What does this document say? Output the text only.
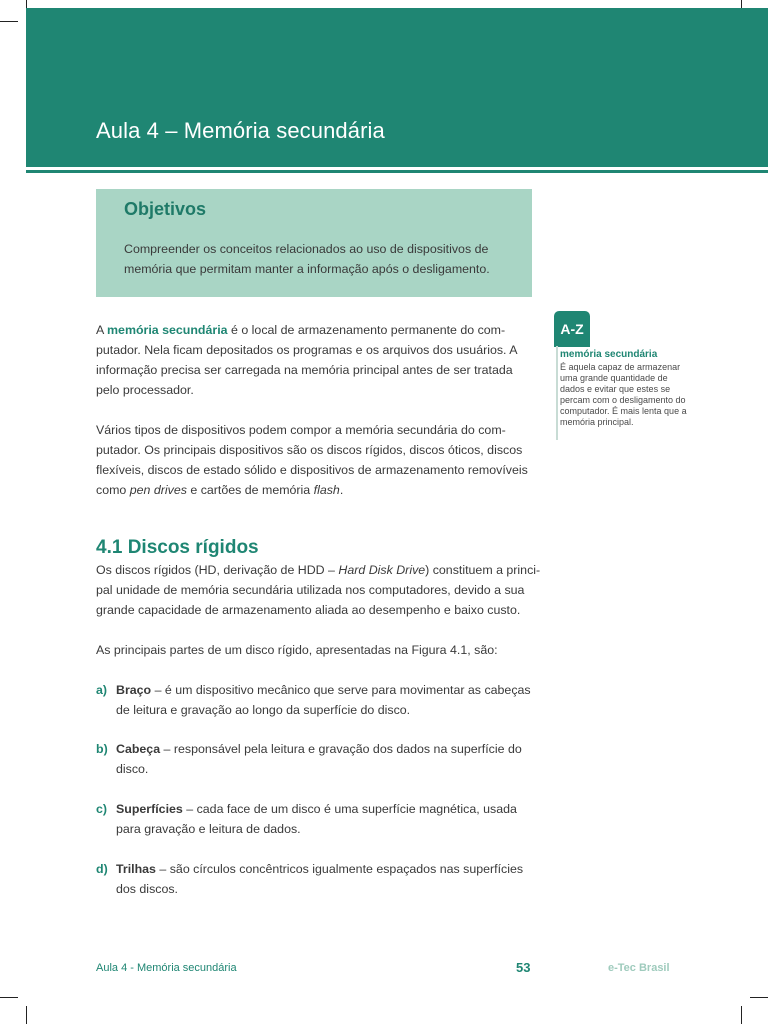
Aula 4 – Memória secundária
Objetivos
Compreender os conceitos relacionados ao uso de dispositivos de
memória que permitam manter a informação após o desligamento.
A memória secundária é o local de armazenamento permanente do com-
putador. Nela ficam depositados os programas e os arquivos dos usuários. A
informação precisa ser carregada na memória principal antes de ser tratada
pelo processador.
Vários tipos de dispositivos podem compor a memória secundária do com-
putador. Os principais dispositivos são os discos rígidos, discos óticos, discos
flexíveis, discos de estado sólido e dispositivos de armazenamento removíveis
como pen drives e cartões de memória flash.
4.1 Discos rígidos
Os discos rígidos (HD, derivação de HDD – Hard Disk Drive) constituem a princi-
pal unidade de memória secundária utilizada nos computadores, devido a sua
grande capacidade de armazenamento aliada ao desempenho e baixo custo.
As principais partes de um disco rígido, apresentadas na Figura 4.1, são:
a) Braço – é um dispositivo mecânico que serve para movimentar as cabeças
de leitura e gravação ao longo da superfície do disco.
b) Cabeça – responsável pela leitura e gravação dos dados na superfície do
disco.
c) Superfícies – cada face de um disco é uma superfície magnética, usada
para gravação e leitura de dados.
d) Trilhas – são círculos concêntricos igualmente espaçados nas superfícies
dos discos.
A-Z
memória secundária
É aquela capaz de armazenar
uma grande quantidade de
dados e evitar que estes se
percam com o desligamento do
computador. É mais lenta que a
memória principal.
Aula 4 - Memória secundária	53	e-Tec Brasil
